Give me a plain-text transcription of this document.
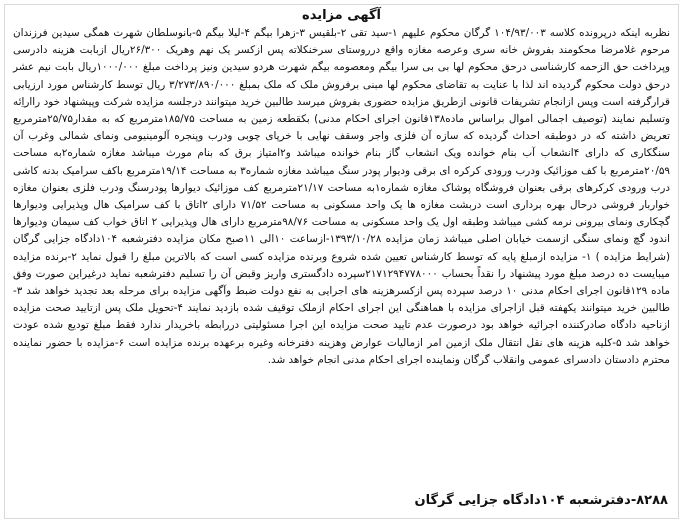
آگهی مزایده

نظربه اینکه درپرونده کلاسه ۱۰۴/۹۳/۰۰۳ گرگان محکوم علیهم ۱-سید تقی ۲-بلقیس ۳-زهرا بیگم ۴-لیلا بیگم ۵-بانوسلطان شهرت همگی سیدین فرزندان مرحوم غلامرضا محکومند بفروش خانه سری وعرصه مغازه واقع درروستای سرخنکلاته پس ازکسر یک نهم وهریک ۲۶/۳۰۰ریال ازبابت هزینه دادرسی وپرداخت حق الزحمه کارشناسی درحق محکوم لها بی بی سرا بیگم ومعصومه بیگم شهرت هردو سیدین ونیز پرداخت مبلغ ۱۰۰۰/۰۰۰ریال بابت نیم عشر درحق دولت محکوم گردیده اند لذا با عنایت به تقاضای محکوم لها مبنی برفروش ملک که ملک بمبلغ ۳/۲۷۳/۸۹۰/۰۰۰ ریال توسط کارشناس مورد ارزیابی قرارگرفته است وپس ازانجام تشریفات قانونی ازطریق مزایده حضوری بفروش میرسد طالبین خرید میتوانند درجلسه مزایده شرکت وپیشنهاد خود رااراِئه وتسلیم نمایند (توصیف اجمالی اموال براساس ماده۱۳۸قانون اجرای احکام مدنی) بکقطعه زمین به مساحت ۱۸۵/۷۵مترمربع که به مقدار۲۵/۷۵مترمربع تعریض داشته که در دوطبقه احداث گردیده که سازه آن فلزی واجر وسقف نهایی با خرپای چوبی ودرب وپنجره آلومینیومی ونمای شمالی وغرب آن سنگکاری که دارای ۴انشعاب آب بنام خوانده ویک انشعاب گاز بنام خوانده میباشد و۲امتیاز برق که بنام مورث میباشد مغازه شماره۲به مساحت ۲۰/۵۹مترمربع با کف موزائیک ودرب ورودی کرکره ای برقی ودیوار پودر سنگ میباشد مغازه شماره۳ به مساحت ۱۹/۱۴مترمربع باکف سرامیک بدنه کاشی درب ورودی کرکرهای برقی بعنوان فروشگاه پوشاک مغازه شماره۱به مساحت ۲۱/۱۷مترمربع کف موزائیک دیوارها پودرسنگ ودرب فلزی بعنوان مغازه خواربار فروشی درحال بهره برداری است دربشت مغازه ها یک واحد مسکونی به مساحت ۷۱/۵۲ دارای ۲اتاق با کف سرامیک هال وپذیرایی ودیوارها گچکاری ونمای بیرونی نرمه کشی میباشد وطبقه اول یک واحد مسکونی به مساحت ۹۸/۷۶مترمربع دارای هال وپذیرایی ۲ اتاق خواب کف سیمان ودیوارها اندود گچ ونمای سنگی ازسمت خیابان اصلی میباشد زمان مزایده ۱۳۹۳/۱۰/۲۸-ازساعت ۱۰الی ۱۱صبح مکان مزایده دفترشعبه ۱۰۴دادگاه جزایی گرگان (شرایط مزایده ) ۱- مزایده ازمبلغ پایه که توسط کارشناس تعیین شده شروع وبرنده مزایده کسی است که بالاترین مبلغ را قبول نماید ۲-برنده مزایده میبایست ده درصد مبلغ مورد پیشنهاد را نقداً بحساب ۲۱۷۱۲۹۴۷۷۸۰۰۰سپرده دادگستری واریز وقبض آن را تسلیم دفترشعبه نماید درغیراین صورت وفق ماده ۱۲۹قانون اجرای احکام مدنی ۱۰ درصد سپرده پس ازکسرهزینه های اجرایی به نفع دولت ضبط وآگهی مزایده برای مرحله بعد تجدید خواهد شد ۳-طالبین خرید میتوانند یکهفته قبل ازاجرای مزایده با هماهنگی این اجرای احکام ازملک توقیف شده بازدید نمایند ۴-تحویل ملک پس ازتایید صحت مزایده ازناحیه دادگاه صادرکننده اجرائیه خواهد بود درصورت عدم تایید صحت مزایده این اجرا مسئولیتی دررابطه باخریدار ندارد فقط مبلغ تودیع شده عودت خواهد شد ۵-کلیه هزینه های نقل انتقال ملک ازمین امر ازمالیات عوارض وهزینه دفترخانه وغیره برعهده برنده مزایده است ۶-مزایده با حضور نماینده محترم دادستان دادسرای عمومی وانقلاب گرگان ونماینده اجرای احکام مدنی انجام خواهد شد.

۸۲۸۸-دفترشعبه ۱۰۴دادگاه جزایی گرگان
